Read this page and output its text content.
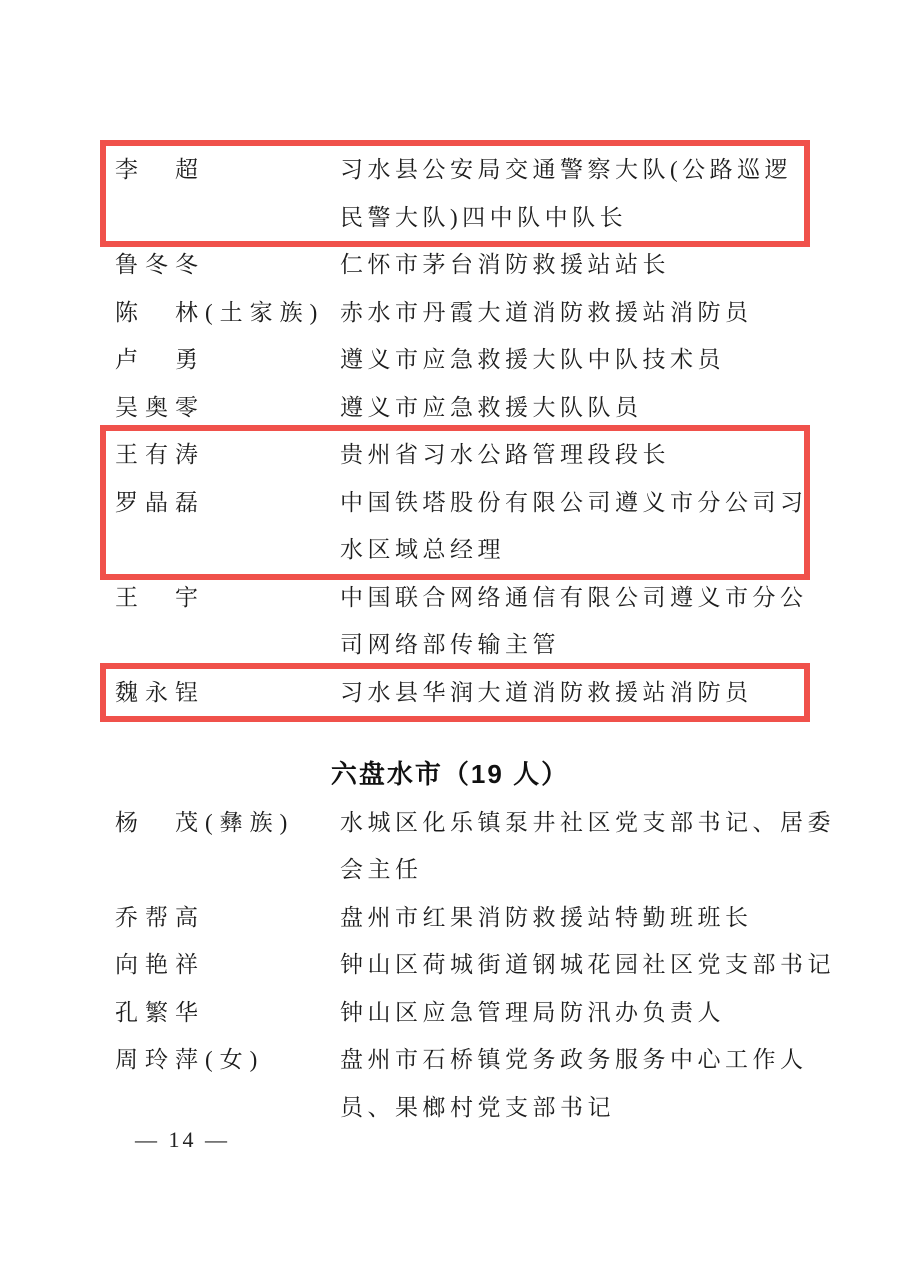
李　超	习水县公安局交通警察大队(公路巡逻
民警大队)四中队中队长
鲁冬冬	仁怀市茅台消防救援站站长
陈　林(土家族) 赤水市丹霞大道消防救援站消防员
卢　勇	遵义市应急救援大队中队技术员
吴奥零	遵义市应急救援大队队员
王有涛	贵州省习水公路管理段段长
罗晶磊	中国铁塔股份有限公司遵义市分公司习
水区域总经理
王　宇	中国联合网络通信有限公司遵义市分公
司网络部传输主管
魏永锃	习水县华润大道消防救援站消防员
六盘水市（19 人）
杨　茂(彝族)	水城区化乐镇泵井社区党支部书记、居委
会主任
乔帮高	盘州市红果消防救援站特勤班班长
向艳祥	钟山区荷城街道钢城花园社区党支部书记
孔繁华	钟山区应急管理局防汛办负责人
周玲萍(女)	盘州市石桥镇党务政务服务中心工作人
员、果榔村党支部书记
— 14 —
